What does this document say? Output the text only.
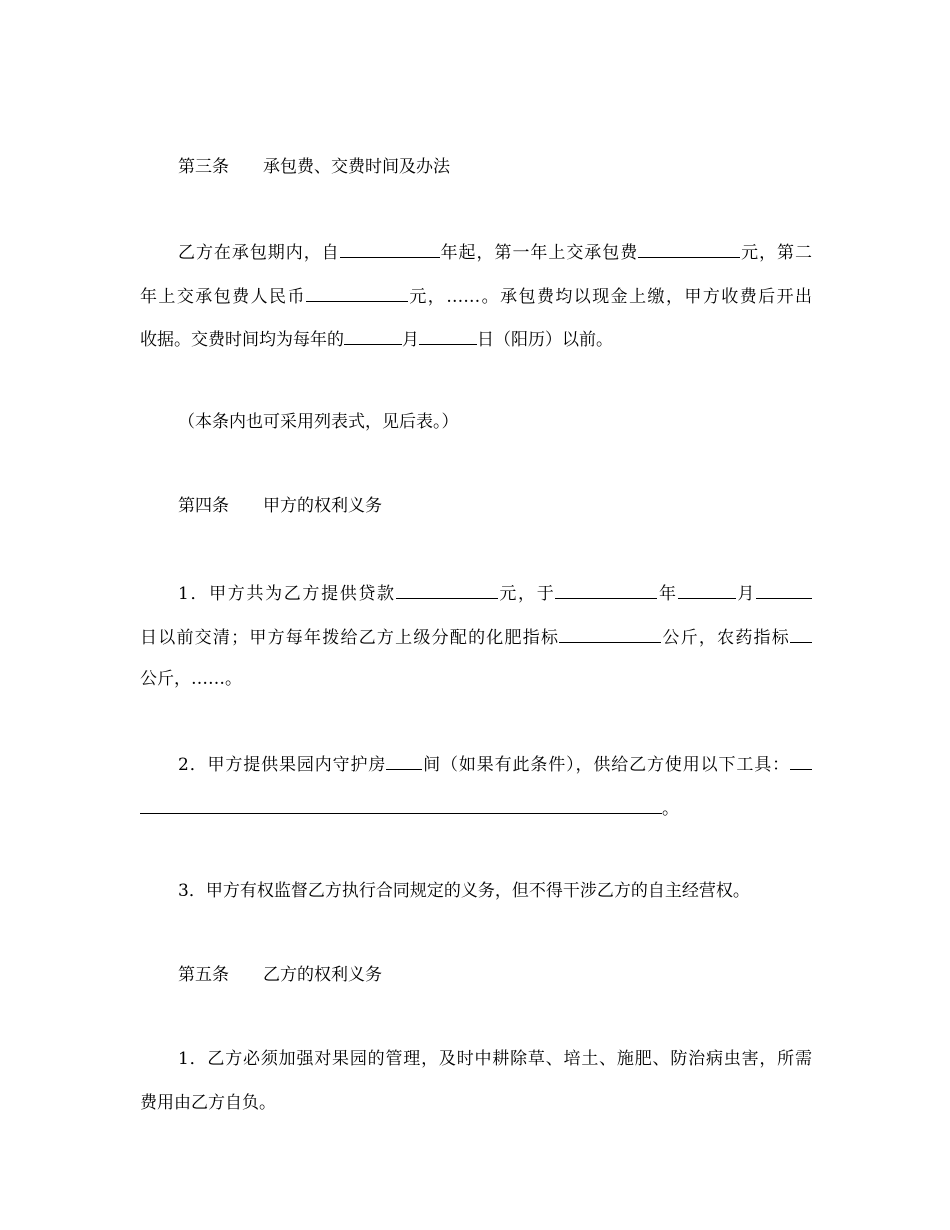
第三条 承包费、交费时间及办法
乙方在承包期内，自	年起，第一年上交承包费	元，第二
年上交承包费人民币	元，……。承包费均以现金上缴，甲方收费后开出
收据。交费时间均为每年的	月	日（阳历）以前。
（本条内也可采用列表式，见后表。）
第四条 甲方的权利义务
1．甲方共为乙方提供贷款	元，于	年	月
日以前交清；甲方每年拨给乙方上级分配的化肥指标	公斤，农药指标
公斤，……。
2．甲方提供果园内守护房 间（如果有此条件），供给乙方使用以下工具：
。
3．甲方有权监督乙方执行合同规定的义务，但不得干涉乙方的自主经营权。
第五条 乙方的权利义务
1．乙方必须加强对果园的管理，及时中耕除草、培土、施肥、防治病虫害，所需
费用由乙方自负。
